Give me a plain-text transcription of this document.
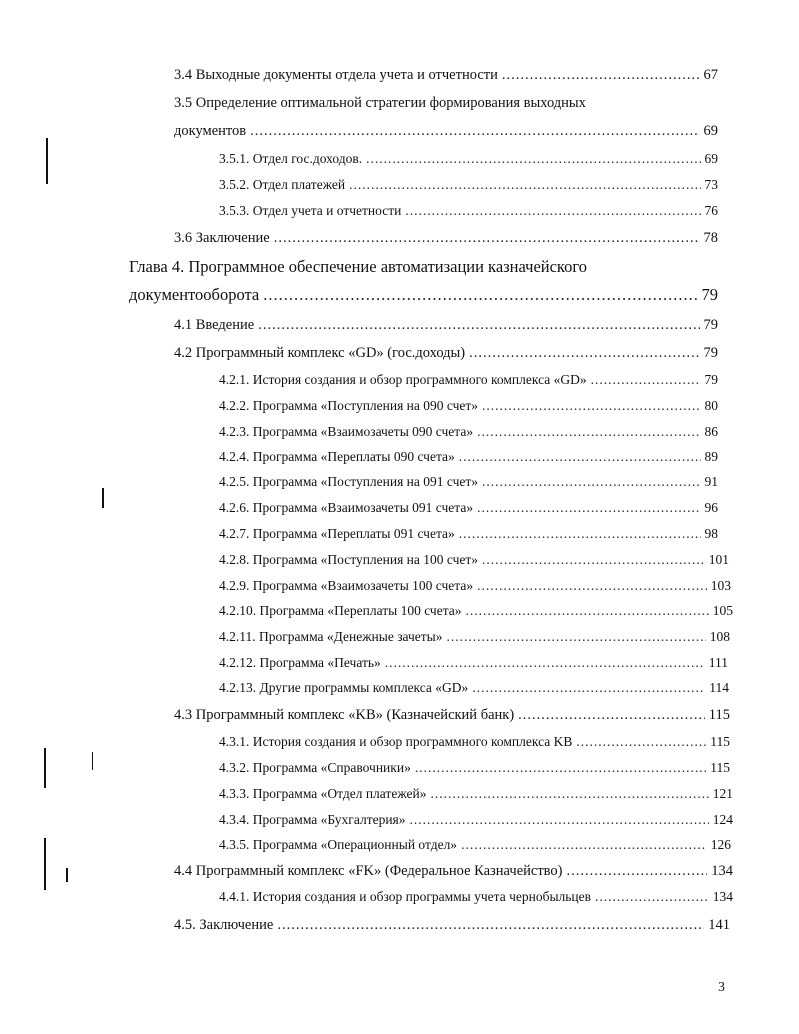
3.4 Выходные документы отдела учета и отчетности .....	67
3.5 Определение оптимальной стратегии формирования выходных
документов .....	69
3.5.1. Отдел гос.доходов. .....	69
3.5.2. Отдел платежей .....	73
3.5.3. Отдел учета и отчетности .....	76
3.6 Заключение .....	78
Глава 4. Программное обеспечение автоматизации казначейского
документооборота .....	79
4.1 Введение .....	79
4.2 Программный комплекс «GD» (гос.доходы) .....	79
4.2.1. История создания и обзор программного комплекса «GD» .....	79
4.2.2. Программа «Поступления на 090 счет» .....	80
4.2.3. Программа «Взаимозачеты 090 счета» .....	86
4.2.4. Программа «Переплаты 090 счета» .....	89
4.2.5. Программа «Поступления на 091 счет» .....	91
4.2.6. Программа «Взаимозачеты 091 счета» .....	96
4.2.7. Программа «Переплаты 091 счета» .....	98
4.2.8. Программа «Поступления на 100 счет» .....	101
4.2.9. Программа «Взаимозачеты 100 счета» .....	103
4.2.10. Программа «Переплаты 100 счета» .....	105
4.2.11. Программа «Денежные зачеты» .....	108
4.2.12. Программа «Печать» .....	111
4.2.13. Другие программы комплекса «GD» .....	114
4.3 Программный комплекс «KB» (Казначейский банк) .....	115
4.3.1. История создания и обзор программного комплекса KB .....	115
4.3.2. Программа «Справочники» .....	115
4.3.3. Программа «Отдел платежей» .....	121
4.3.4. Программа «Бухгалтерия» .....	124
4.3.5. Программа «Операционный отдел» .....	126
4.4 Программный комплекс «FK» (Федеральное Казначейство) .....	134
4.4.1. История создания и обзор программы учета чернобыльцев .....	134
4.5. Заключение .....	141
3
